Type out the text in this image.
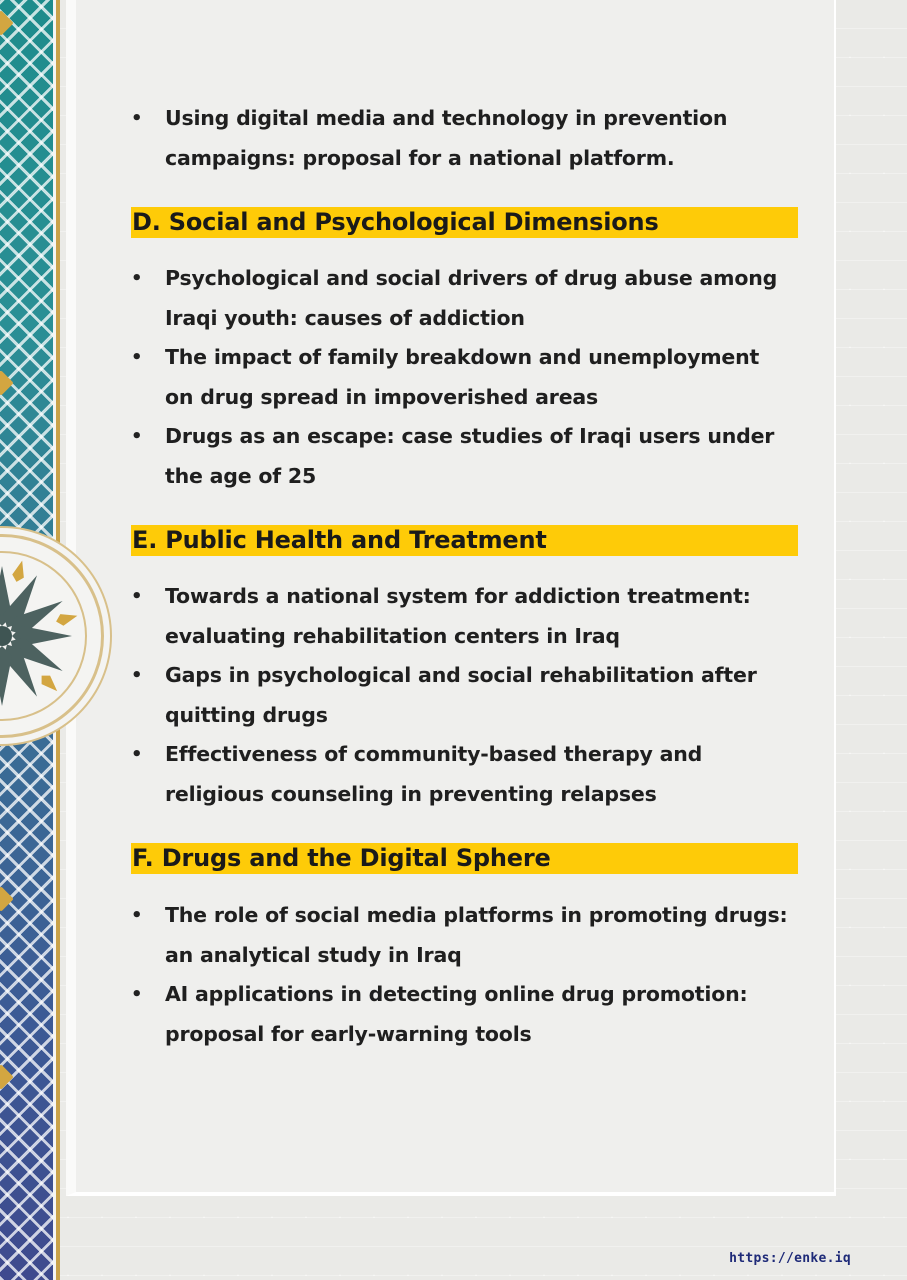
• Using digital media and technology in prevention campaigns: proposal for a national platform.
D. Social and Psychological Dimensions
• Psychological and social drivers of drug abuse among Iraqi youth: causes of addiction
• The impact of family breakdown and unemployment on drug spread in impoverished areas
• Drugs as an escape: case studies of Iraqi users under the age of 25
E. Public Health and Treatment
• Towards a national system for addiction treatment: evaluating rehabilitation centers in Iraq
• Gaps in psychological and social rehabilitation after quitting drugs
• Effectiveness of community-based therapy and religious counseling in preventing relapses
F. Drugs and the Digital Sphere
• The role of social media platforms in promoting drugs: an analytical study in Iraq
• AI applications in detecting online drug promotion: proposal for early-warning tools
https://enke.iq
